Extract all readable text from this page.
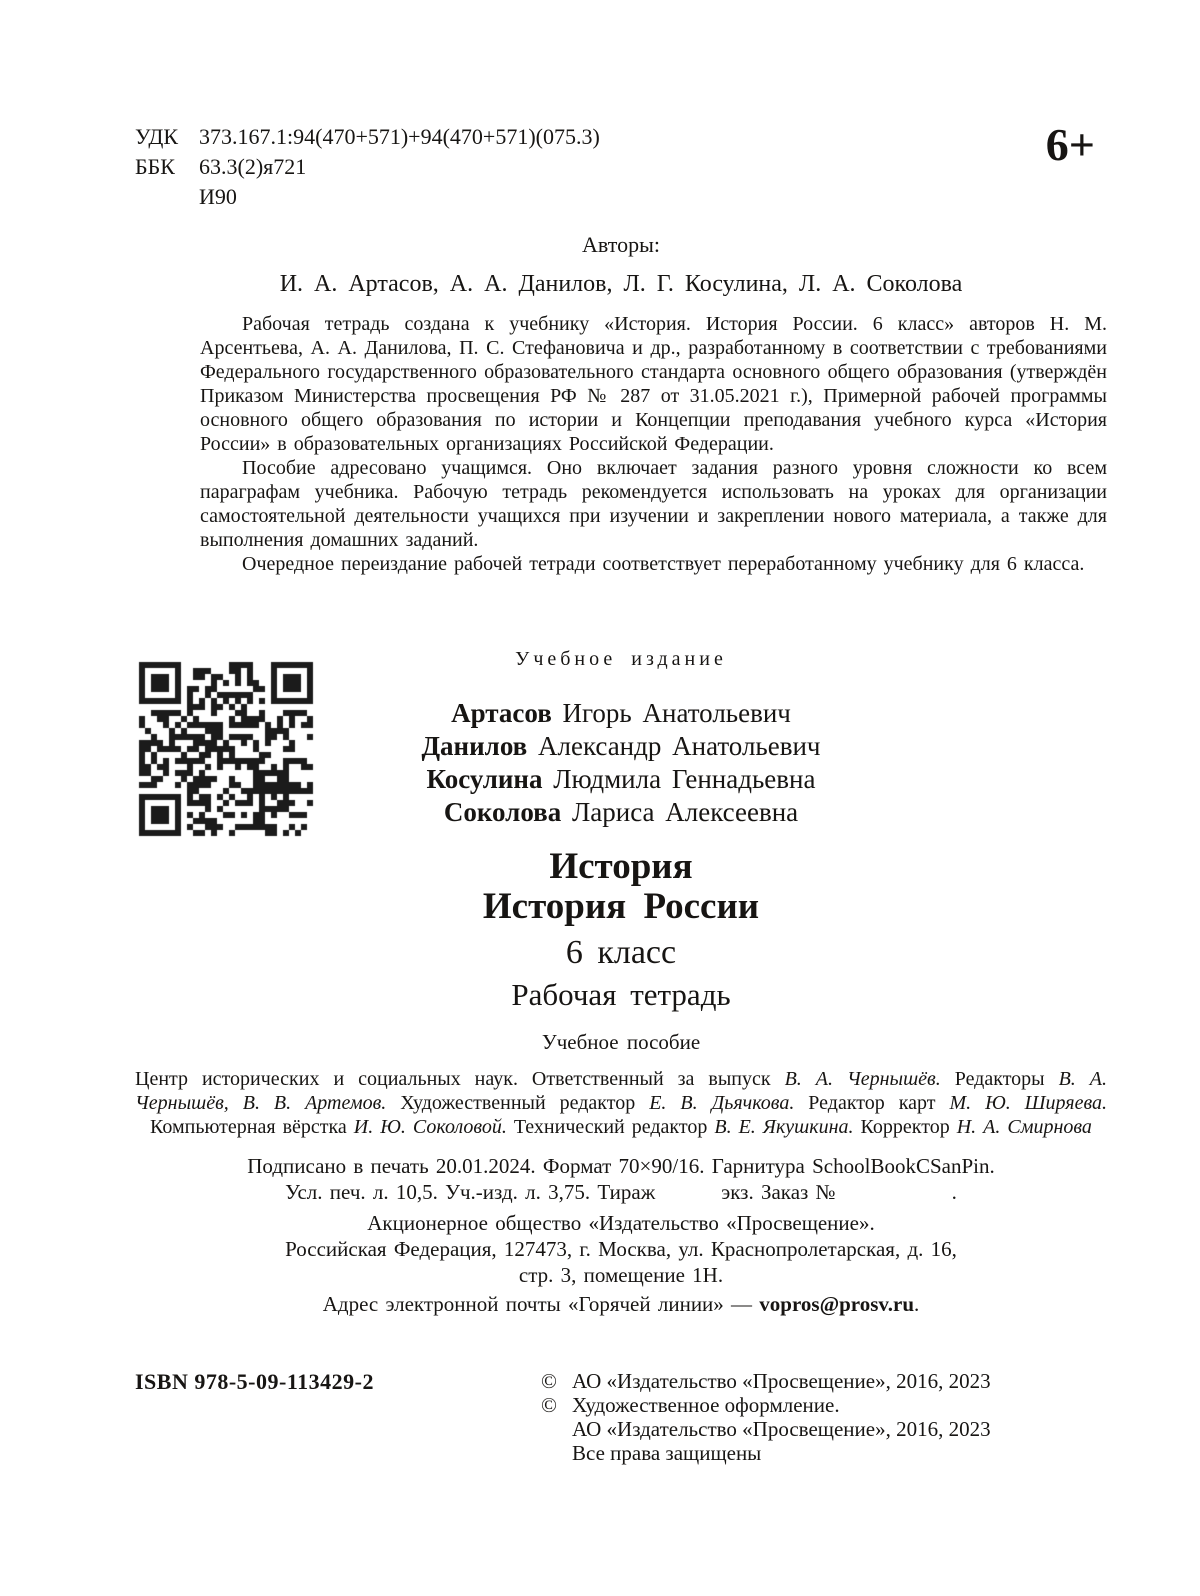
УДК 373.167.1:94(470+571)+94(470+571)(075.3)
ББК	63.3(2)я721
И90
6+
Авторы:
И. А. Артасов, А. А. Данилов, Л. Г. Косулина, Л. А. Соколова

Рабочая тетрадь создана к учебнику «История. История России. 6 класс» авторов Н. М. Арсентьева, А. А. Данилова, П. С. Стефановича и др., разработанному в соответствии с требованиями Федерального государственного образовательного стандарта основного общего образования (утверждён Приказом Министерства просвещения РФ № 287 от 31.05.2021 г.), Примерной рабочей программы основного общего образования по истории и Концепции преподавания учебного курса «История России» в образовательных организациях Российской Федерации.

Пособие адресовано учащимся. Оно включает задания разного уровня сложности ко всем параграфам учебника. Рабочую тетрадь рекомендуется использовать на уроках для организации самостоятельной деятельности учащихся при изучении и закреплении нового материала, а также для выполнения домашних заданий.

Очередное переиздание рабочей тетради соответствует переработанному учебнику для 6 класса.

Учебное издание
Артасов Игорь Анатольевич
Данилов Александр Анатольевич
Косулина Людмила Геннадьевна
Соколова Лариса Алексеевна
История
История России
6 класс
Рабочая тетрадь
Учебное пособие
Центр исторических и социальных наук. Ответственный за выпуск В. А. Чернышёв. Редакторы В. А. Чернышёв, В. В. Артемов. Художественный редактор Е. В. Дьячкова. Редактор карт М. Ю. Ширяева. Компьютерная вёрстка И. Ю. Соколовой. Технический редактор В. Е. Якушкина. Корректор Н. А. Смирнова
Подписано в печать 20.01.2024. Формат 70×90/16. Гарнитура SchoolBookCSanPin.
Усл. печ. л. 10,5. Уч.-изд. л. 3,75. Тираж	экз. Заказ №	.
Акционерное общество «Издательство «Просвещение».
Российская Федерация, 127473, г. Москва, ул. Краснопролетарская, д. 16,
стр. 3, помещение 1Н.
Адрес электронной почты «Горячей линии» — vopros@prosv.ru.
ISBN 978-5-09-113429-2	© АО «Издательство «Просвещение», 2016, 2023
© Художественное оформление.
АО «Издательство «Просвещение», 2016, 2023
Все права защищены
